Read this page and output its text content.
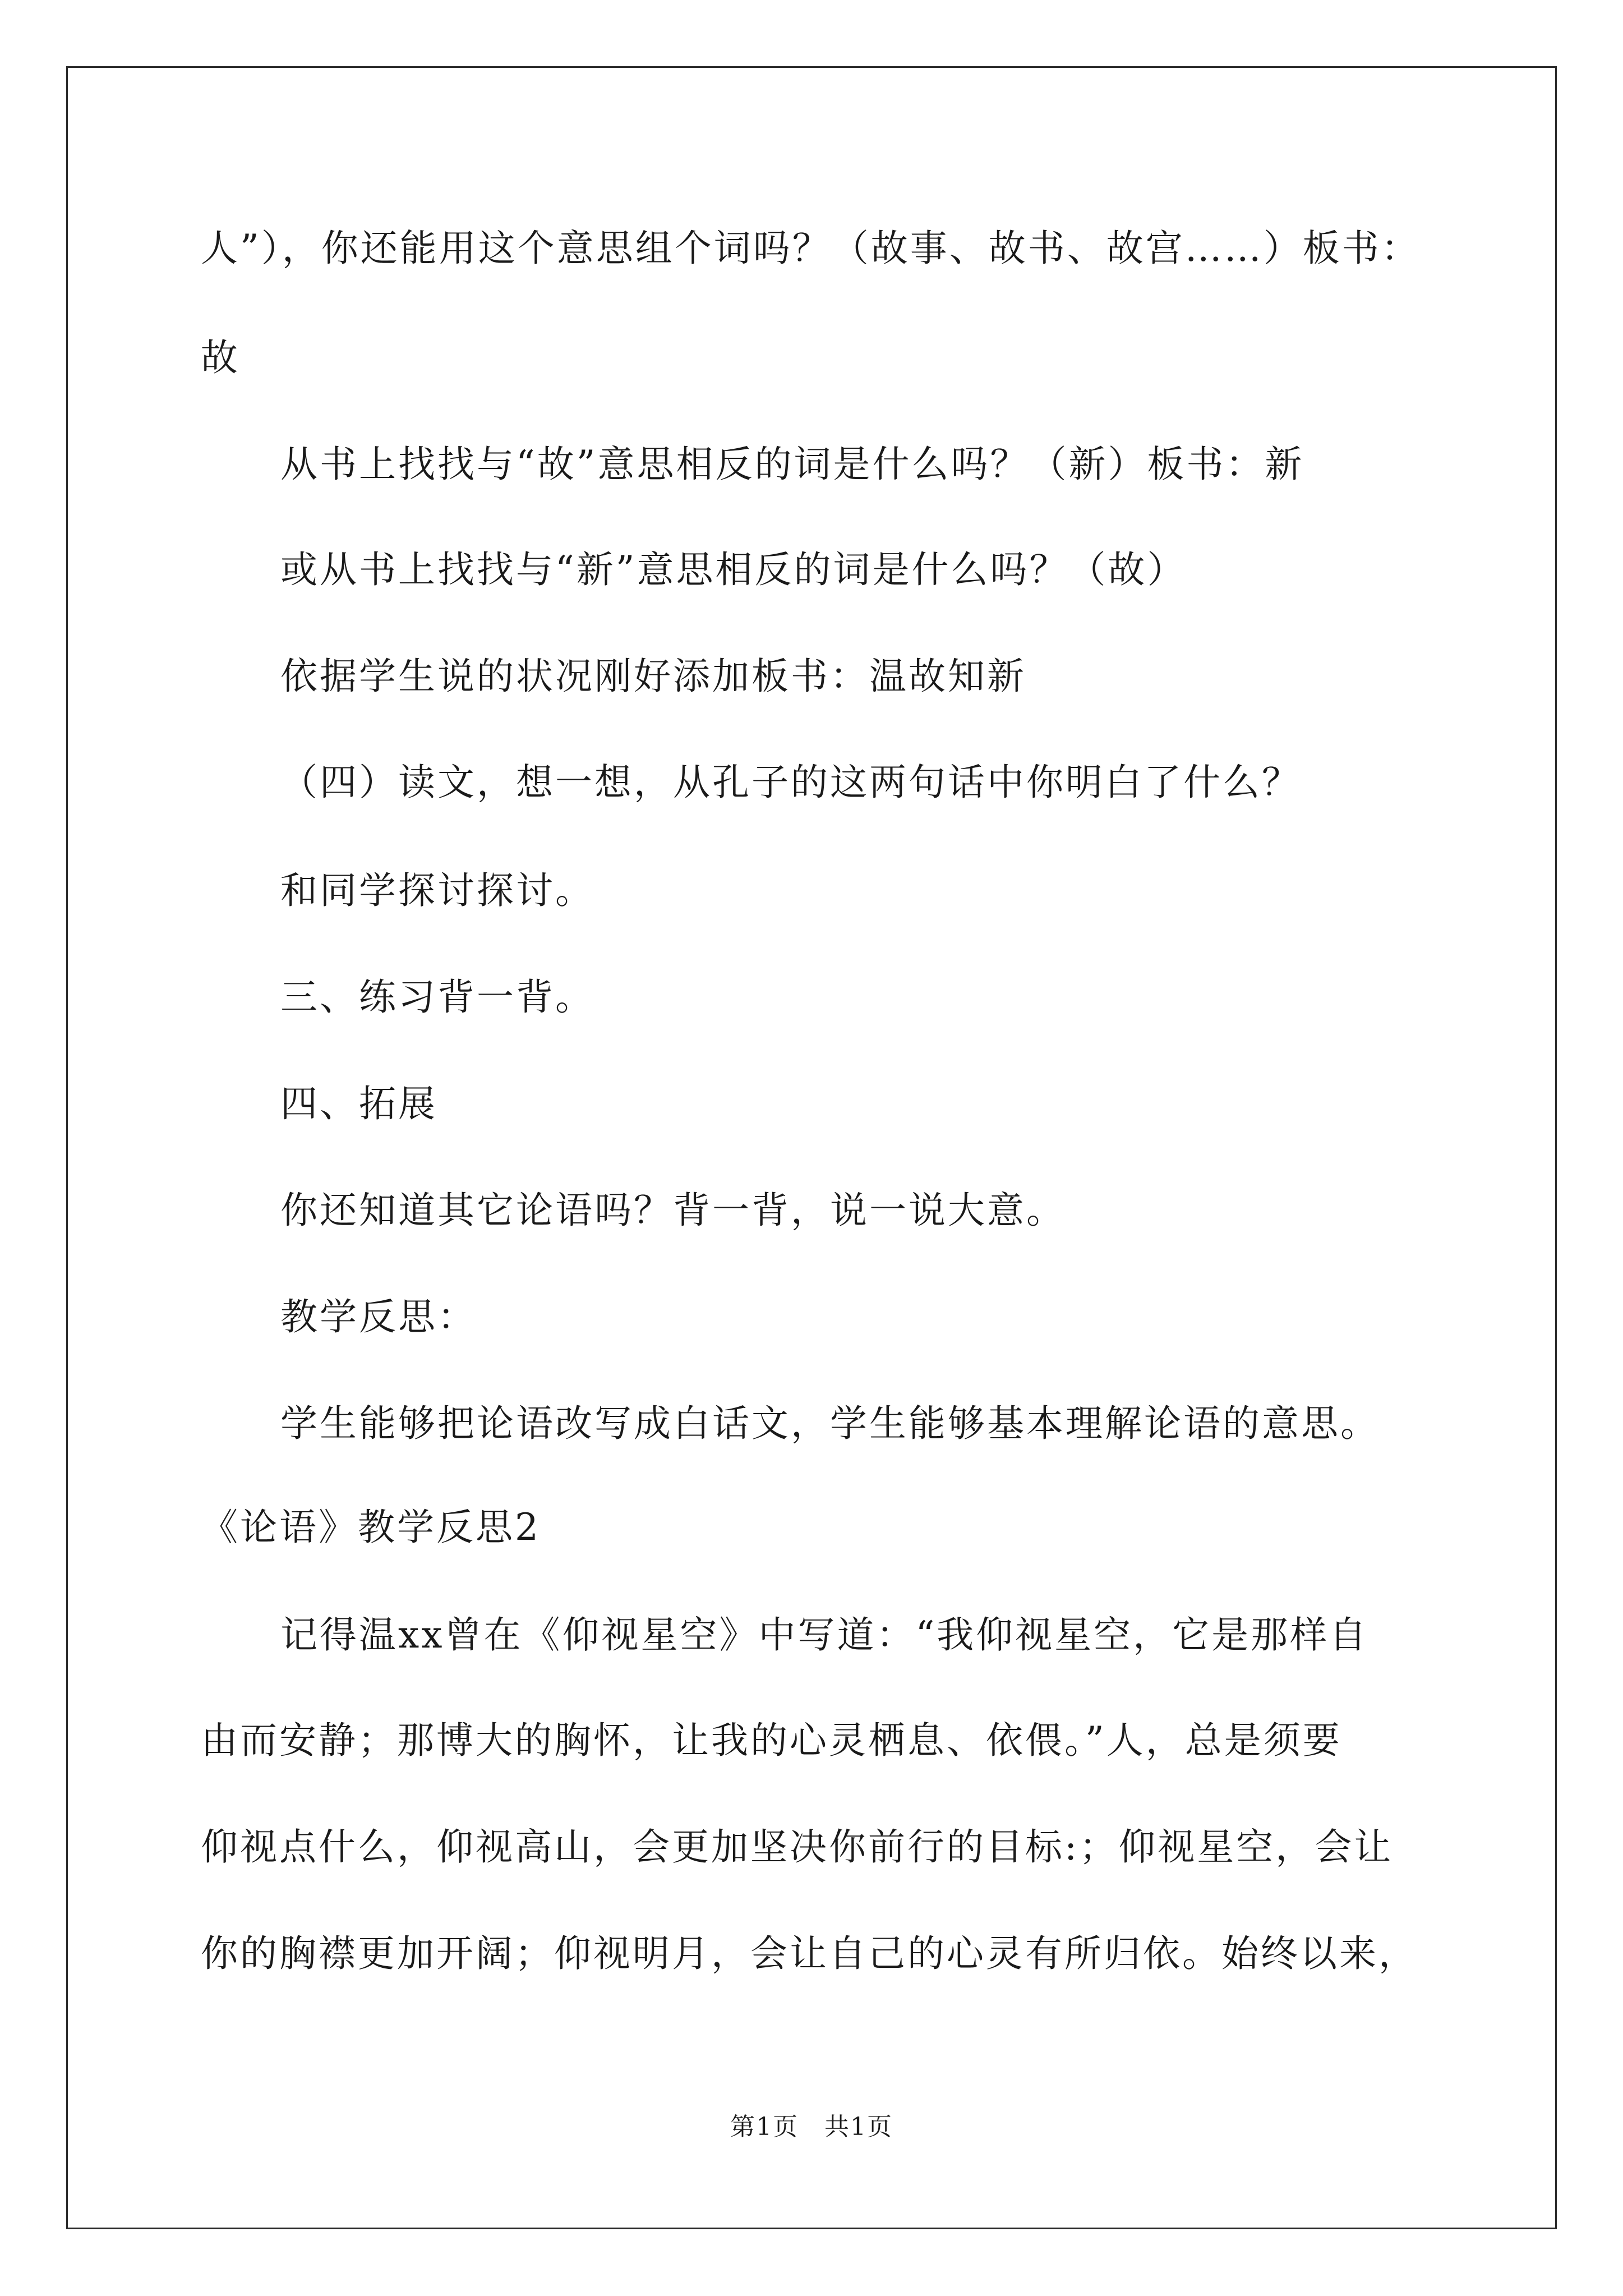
人”），你还能用这个意思组个词吗？（故事、故书、故宫……）板书：
故
从书上找找与“故”意思相反的词是什么吗？（新）板书：新
或从书上找找与“新”意思相反的词是什么吗？（故）
依据学生说的状况刚好添加板书：温故知新
（四）读文，想一想，从孔子的这两句话中你明白了什么？
和同学探讨探讨。
三、练习背一背。
四、拓展
你还知道其它论语吗？背一背，说一说大意。
教学反思：
学生能够把论语改写成白话文，学生能够基本理解论语的意思。
《论语》教学反思2
记得温xx曾在《仰视星空》中写道：“我仰视星空，它是那样自
由而安静；那博大的胸怀，让我的心灵栖息、依偎。”人，总是须要
仰视点什么，仰视高山，会更加坚决你前行的目标:；仰视星空，会让
你的胸襟更加开阔；仰视明月，会让自己的心灵有所归依。始终以来，
第1页　共1页
